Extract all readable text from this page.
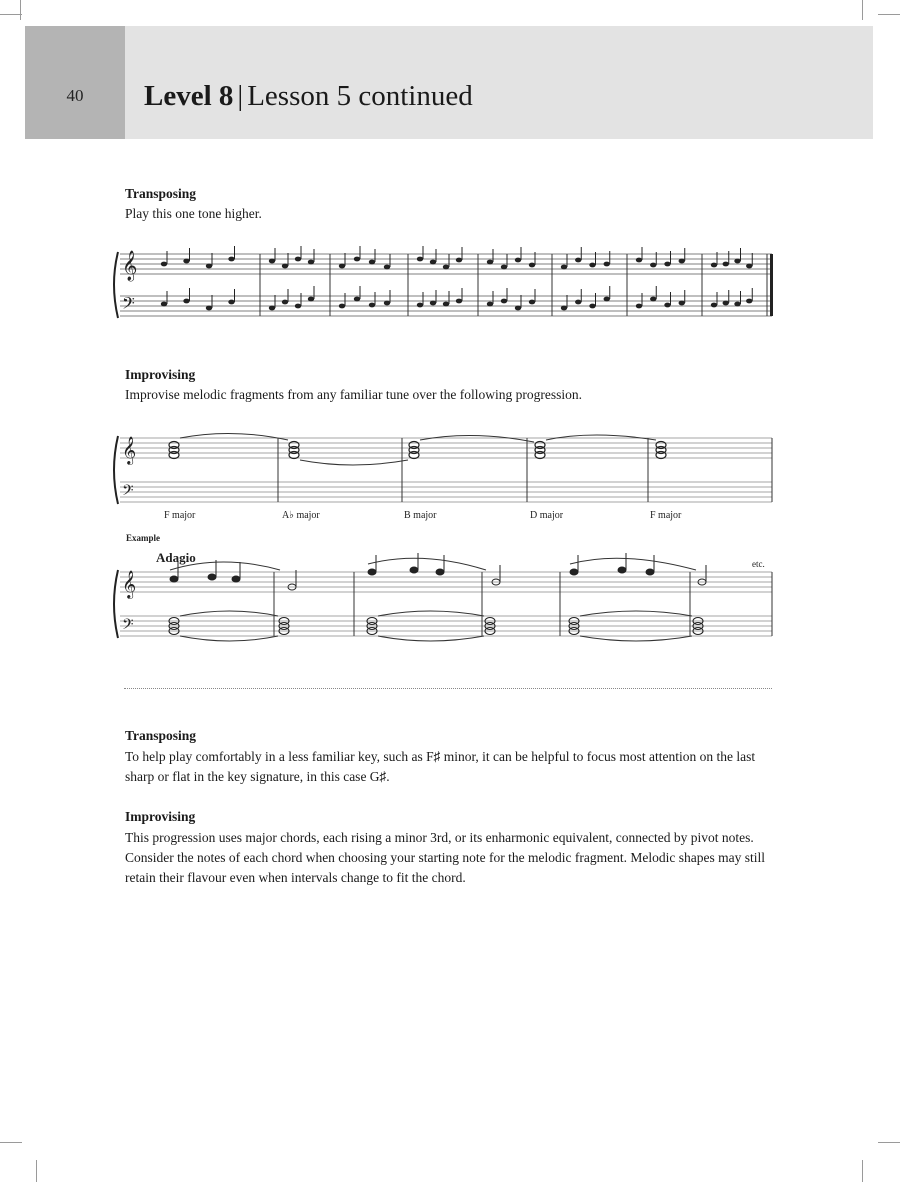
40	Level 8 | Lesson 5 continued
Transposing
Play this one tone higher.
𝄞
𝄢
Improvising
Improvise melodic fragments from any familiar tune over the following progression.
𝄞
𝄢
F major	A♭ major	B major	D major	F major
Example
Adagio	etc.
𝄞
𝄢
Transposing
To help play comfortably in a less familiar key, such as F♯ minor, it can be helpful to focus most attention on the last sharp or flat in the key signature, in this case G♯.
Improvising
This progression uses major chords, each rising a minor 3rd, or its enharmonic equivalent, connected by pivot notes. Consider the notes of each chord when choosing your starting note for the melodic fragment. Melodic shapes may still retain their flavour even when intervals change to fit the chord.
